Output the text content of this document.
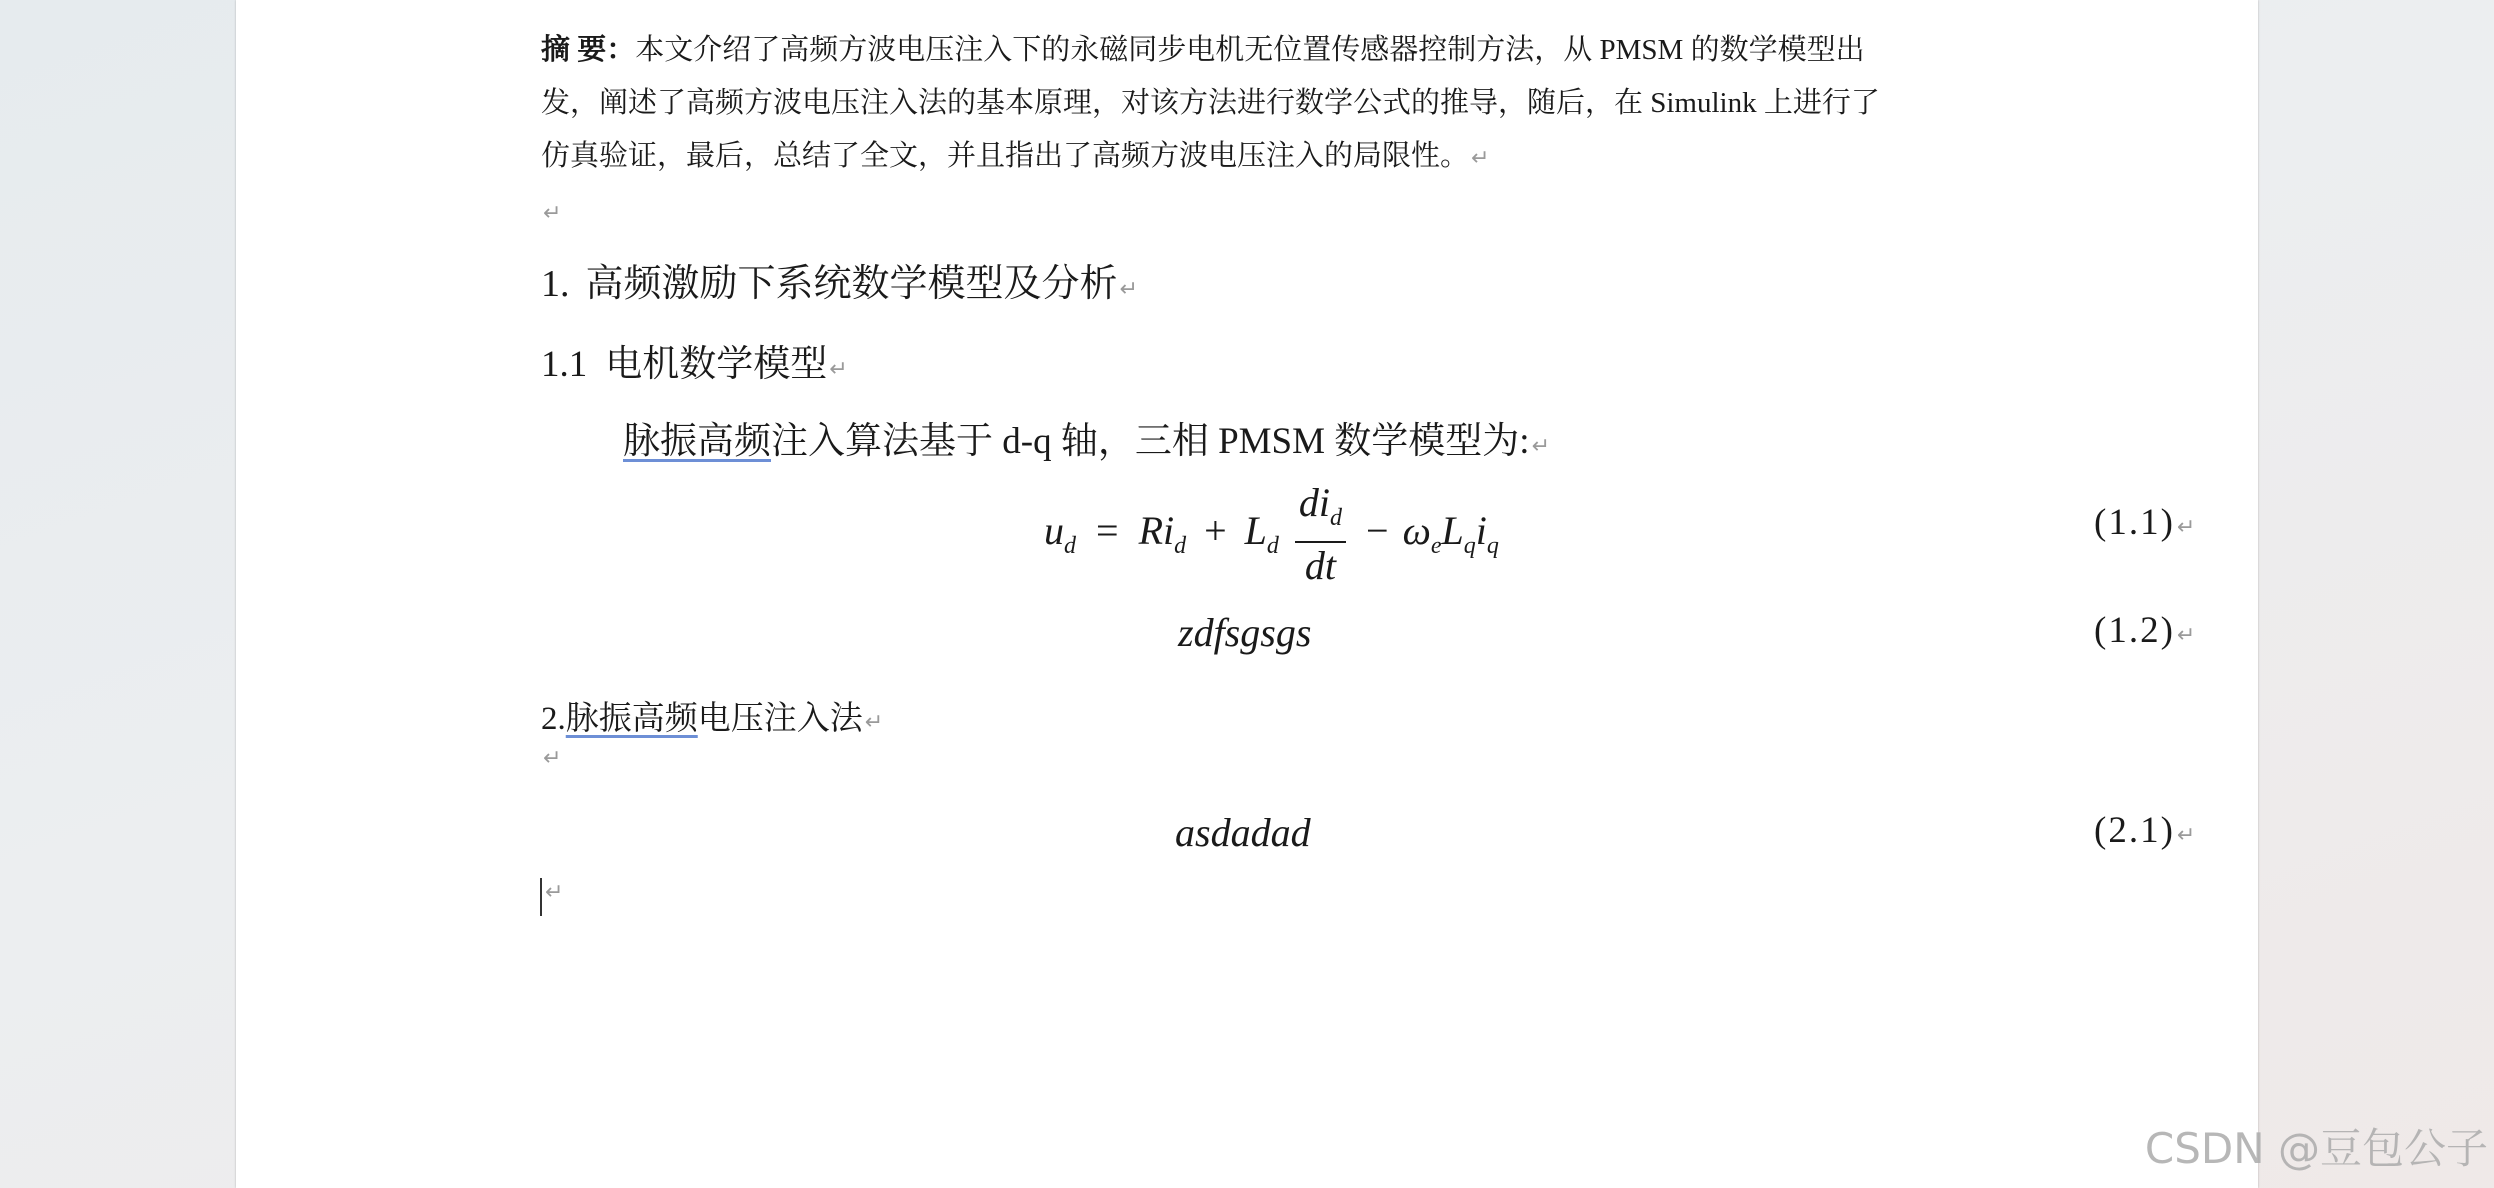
摘 要：本文介绍了高频方波电压注入下的永磁同步电机无位置传感器控制方法，从 PMSM 的数学模型出
发，阐述了高频方波电压注入法的基本原理，对该方法进行数学公式的推导，随后，在 Simulink 上进行了
仿真验证，最后，总结了全文，并且指出了高频方波电压注入的局限性。↵
↵
1. 高频激励下系统数学模型及分析↵
1.1 电机数学模型↵
脉振高频注入算法基于 d-q 轴，三相 PMSM 数学模型为:↵
$u_d = Ri_d + L_d \frac{di_d}{dt} - \omega_eL_qi_q$
(1.1)↵
zdfsgsgs	(1.2)↵
2.脉振高频电压注入法↵
↵
asdadad	(2.1)↵
↵
CSDN @豆包公子
